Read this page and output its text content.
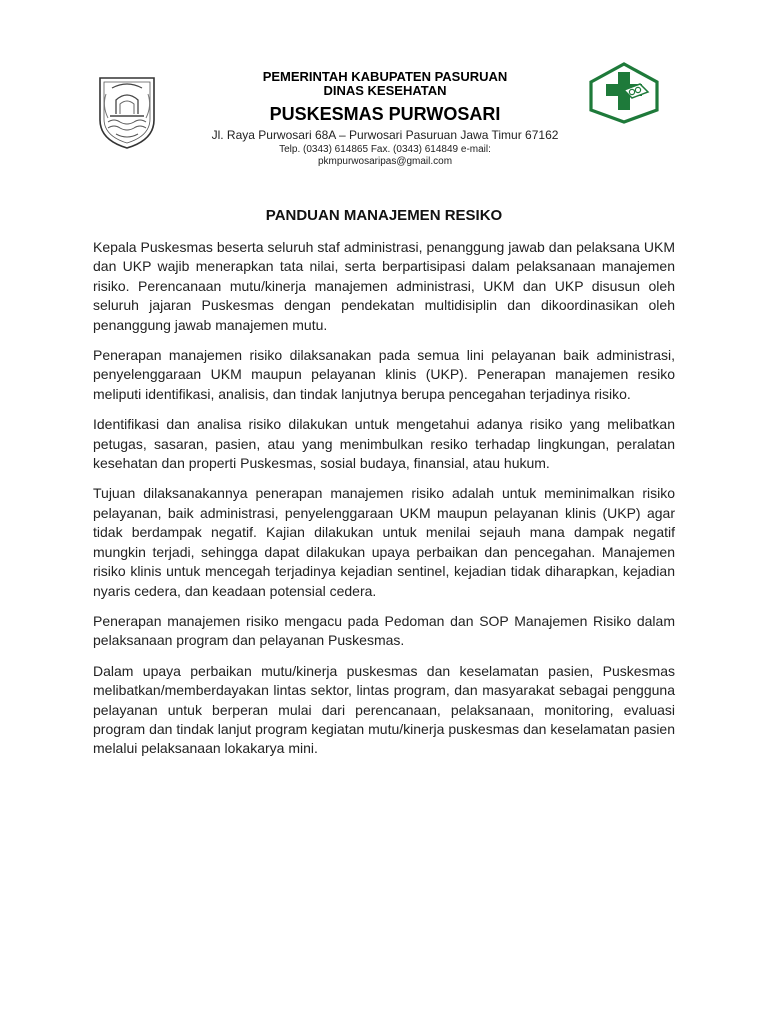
PEMERINTAH KABUPATEN PASURUAN
DINAS KESEHATAN
PUSKESMAS PURWOSARI
Jl. Raya Purwosari 68A – Purwosari Pasuruan Jawa Timur 67162
Telp. (0343) 614865 Fax. (0343) 614849 e-mail: pkmpurwosaripas@gmail.com
PANDUAN MANAJEMEN RESIKO

Kepala Puskesmas beserta seluruh staf administrasi, penanggung jawab dan pelaksana UKM dan UKP wajib menerapkan tata nilai, serta berpartisipasi dalam pelaksanaan manajemen risiko. Perencanaan mutu/kinerja manajemen administrasi, UKM dan UKP disusun oleh seluruh jajaran Puskesmas dengan pendekatan multidisiplin dan dikoordinasikan oleh penanggung jawab manajemen mutu.

Penerapan manajemen risiko dilaksanakan pada semua lini pelayanan baik administrasi, penyelenggaraan UKM maupun pelayanan klinis (UKP). Penerapan manajemen resiko meliputi identifikasi, analisis, dan tindak lanjutnya berupa pencegahan terjadinya risiko.

Identifikasi dan analisa risiko dilakukan untuk mengetahui adanya risiko yang melibatkan petugas, sasaran, pasien, atau yang menimbulkan resiko terhadap lingkungan, peralatan kesehatan dan properti Puskesmas, sosial budaya, finansial, atau hukum.

Tujuan dilaksanakannya penerapan manajemen risiko adalah untuk meminimalkan risiko pelayanan, baik administrasi, penyelenggaraan UKM maupun pelayanan klinis (UKP) agar tidak berdampak negatif. Kajian dilakukan untuk menilai sejauh mana dampak negatif mungkin terjadi, sehingga dapat dilakukan upaya perbaikan dan pencegahan. Manajemen risiko klinis untuk mencegah terjadinya kejadian sentinel, kejadian tidak diharapkan, kejadian nyaris cedera, dan keadaan potensial cedera.

Penerapan manajemen risiko mengacu pada Pedoman dan SOP Manajemen Risiko dalam pelaksanaan program dan pelayanan Puskesmas.

Dalam upaya perbaikan mutu/kinerja puskesmas dan keselamatan pasien, Puskesmas melibatkan/memberdayakan lintas sektor, lintas program, dan masyarakat sebagai pengguna pelayanan untuk berperan mulai dari perencanaan, pelaksanaan, monitoring, evaluasi program dan tindak lanjut program kegiatan mutu/kinerja puskesmas dan keselamatan pasien melalui pelaksanaan lokakarya mini.
